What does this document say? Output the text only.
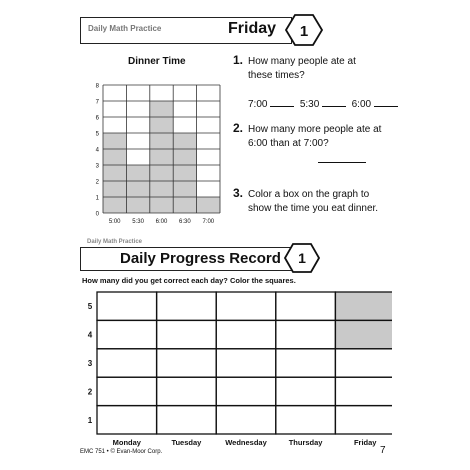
Daily Math Practice	Friday 1
Dinner Time
0
1
2
3
4
5
6
7
8
5:00 5:30 6:00 6:30 7:00
1. How many people ate at these times?
7:00	5:30	6:00
2. How many more people ate at 6:00 than at 7:00?
3. Color a box on the graph to show the time you eat dinner.
Daily Math Practice
Daily Progress Record 1
How many did you get correct each day? Color the squares.
5
4
3
2
1
Monday	Tuesday	Wednesday	Thursday	Friday
EMC 751 • © Evan-Moor Corp.	7
